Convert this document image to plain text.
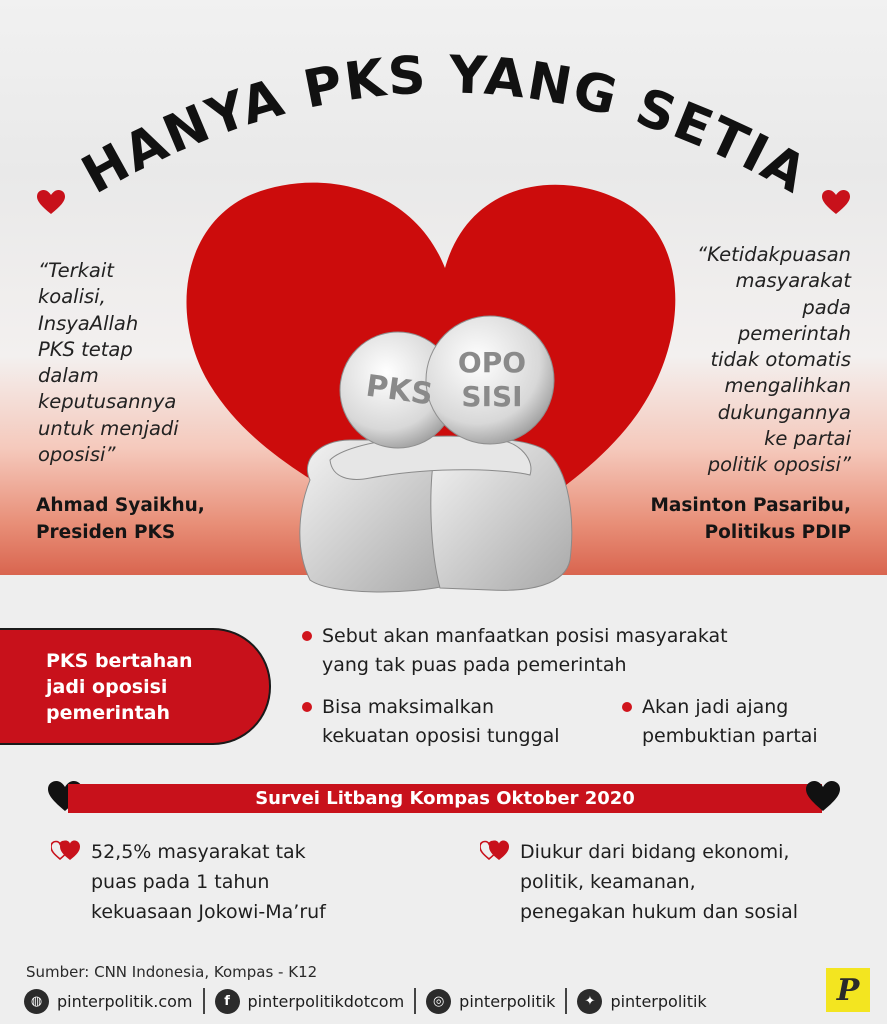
HANYA PKS YANG SETIA
“Terkait
koalisi,
InsyaAllah
PKS tetap
dalam
keputusannya
untuk menjadi
oposisi”
“Ketidakpuasan
masyarakat
pada
pemerintah
tidak otomatis
mengalihkan
dukungannya
ke partai
politik oposisi”
Ahmad Syaikhu,
Presiden PKS
Masinton Pasaribu,
Politikus PDIP
PKS
OPO
SISI
PKS bertahan
jadi oposisi
pemerintah
Sebut akan manfaatkan posisi masyarakat
yang tak puas pada pemerintah
Bisa maksimalkan
kekuatan oposisi tunggal
Akan jadi ajang
pembuktian partai
Survei Litbang Kompas Oktober 2020
52,5% masyarakat tak
puas pada 1 tahun
kekuasaan Jokowi-Ma’ruf
Diukur dari bidang ekonomi,
politik, keamanan,
penegakan hukum dan sosial
Sumber: CNN Indonesia, Kompas - K12
◍ pinterpolitik.com	f	pinterpolitikdotcom	◎ pinterpolitik	✦ pinterpolitik	P
